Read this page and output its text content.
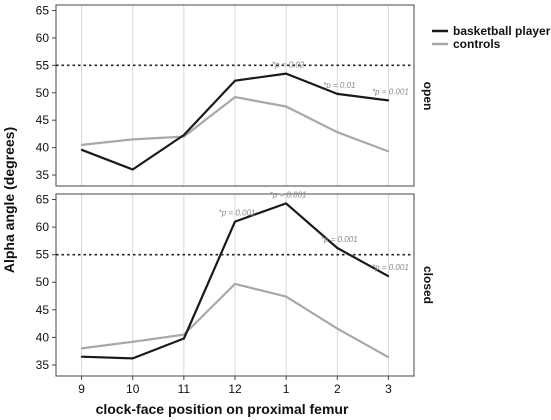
Alpha angle (degrees)
clock-face position on proximal femur
35
40
45
50
55
60
65
*p = 0.02
*p = 0.01
*p = 0.001 open
35
40
45
50
55
60
65
*p = 0.001
*p = 0.001
*p = 0.001
*p = 0.001 closed
9	10	11	12	1	2	3
basketball player
controls
